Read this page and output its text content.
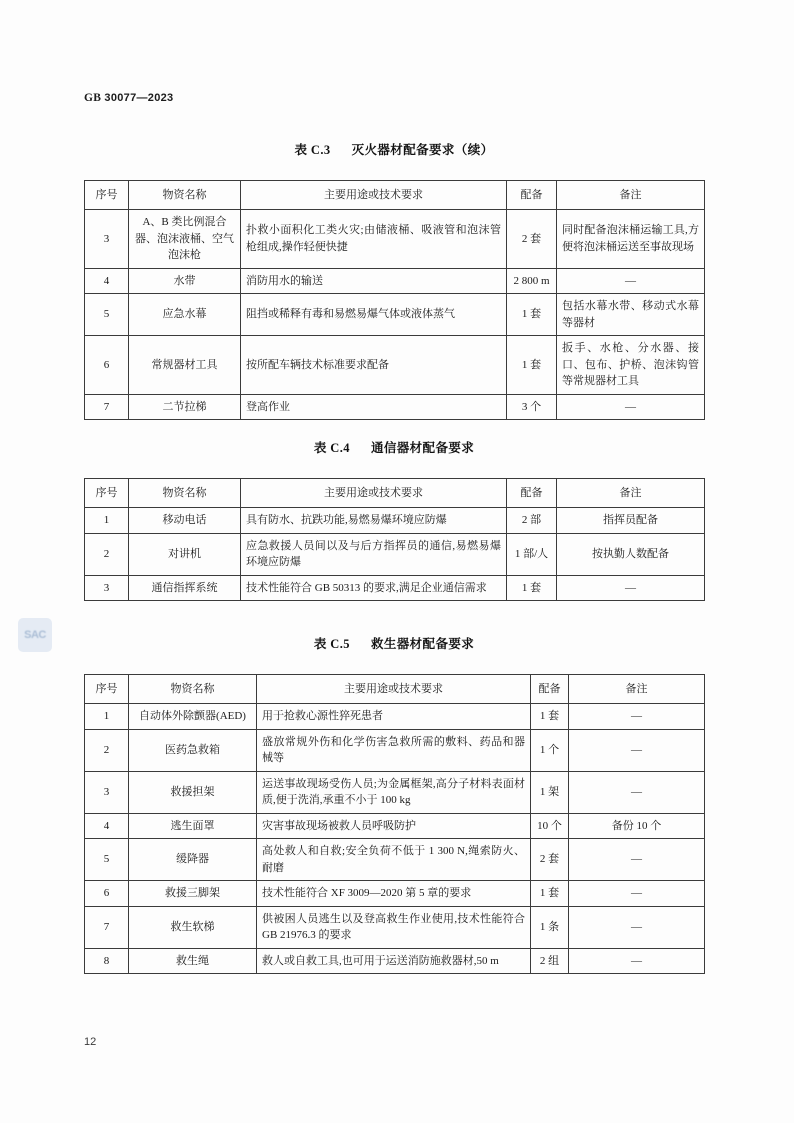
SAC
GB 30077—2023

表 C.3 灭火器材配备要求（续）

序号	物资名称	主要用途或技术要求	配备	备注
3	A、B 类比例混合器、泡沫液桶、空气泡沫枪	扑救小面积化工类火灾;由储液桶、吸液管和泡沫管枪组成,操作轻便快捷	2 套	同时配备泡沫桶运输工具,方便将泡沫桶运送至事故现场
4	水带	消防用水的输送	2 800 m	—
5	应急水幕	阻挡或稀释有毒和易燃易爆气体或液体蒸气	1 套	包括水幕水带、移动式水幕等器材
6	常规器材工具	按所配车辆技术标准要求配备	1 套	扳手、水枪、分水器、接口、包布、护桥、泡沫钩管等常规器材工具
7	二节拉梯	登高作业	3 个	—

表 C.4 通信器材配备要求

序号	物资名称	主要用途或技术要求	配备	备注
1	移动电话	具有防水、抗跌功能,易燃易爆环境应防爆	2 部	指挥员配备
2	对讲机	应急救援人员间以及与后方指挥员的通信,易燃易爆环境应防爆	1 部/人	按执勤人数配备
3	通信指挥系统	技术性能符合 GB 50313 的要求,满足企业通信需求	1 套	—

表 C.5 救生器材配备要求

序号	物资名称	主要用途或技术要求	配备	备注
1	自动体外除颤器(AED)	用于抢救心源性猝死患者	1 套	—
2	医药急救箱	盛放常规外伤和化学伤害急救所需的敷料、药品和器械等	1 个	—
3	救援担架	运送事故现场受伤人员;为金属框架,高分子材料表面材质,便于洗消,承重不小于 100 kg	1 架	—
4	逃生面罩	灾害事故现场被救人员呼吸防护	10 个	备份 10 个
5	缓降器	高处救人和自救;安全负荷不低于 1 300 N,绳索防火、耐磨	2 套	—
6	救援三脚架	技术性能符合 XF 3009—2020 第 5 章的要求	1 套	—
7	救生软梯	供被困人员逃生以及登高救生作业使用,技术性能符合 GB 21976.3 的要求	1 条	—
8	救生绳	救人或自救工具,也可用于运送消防施救器材,50 m	2 组	—
12
